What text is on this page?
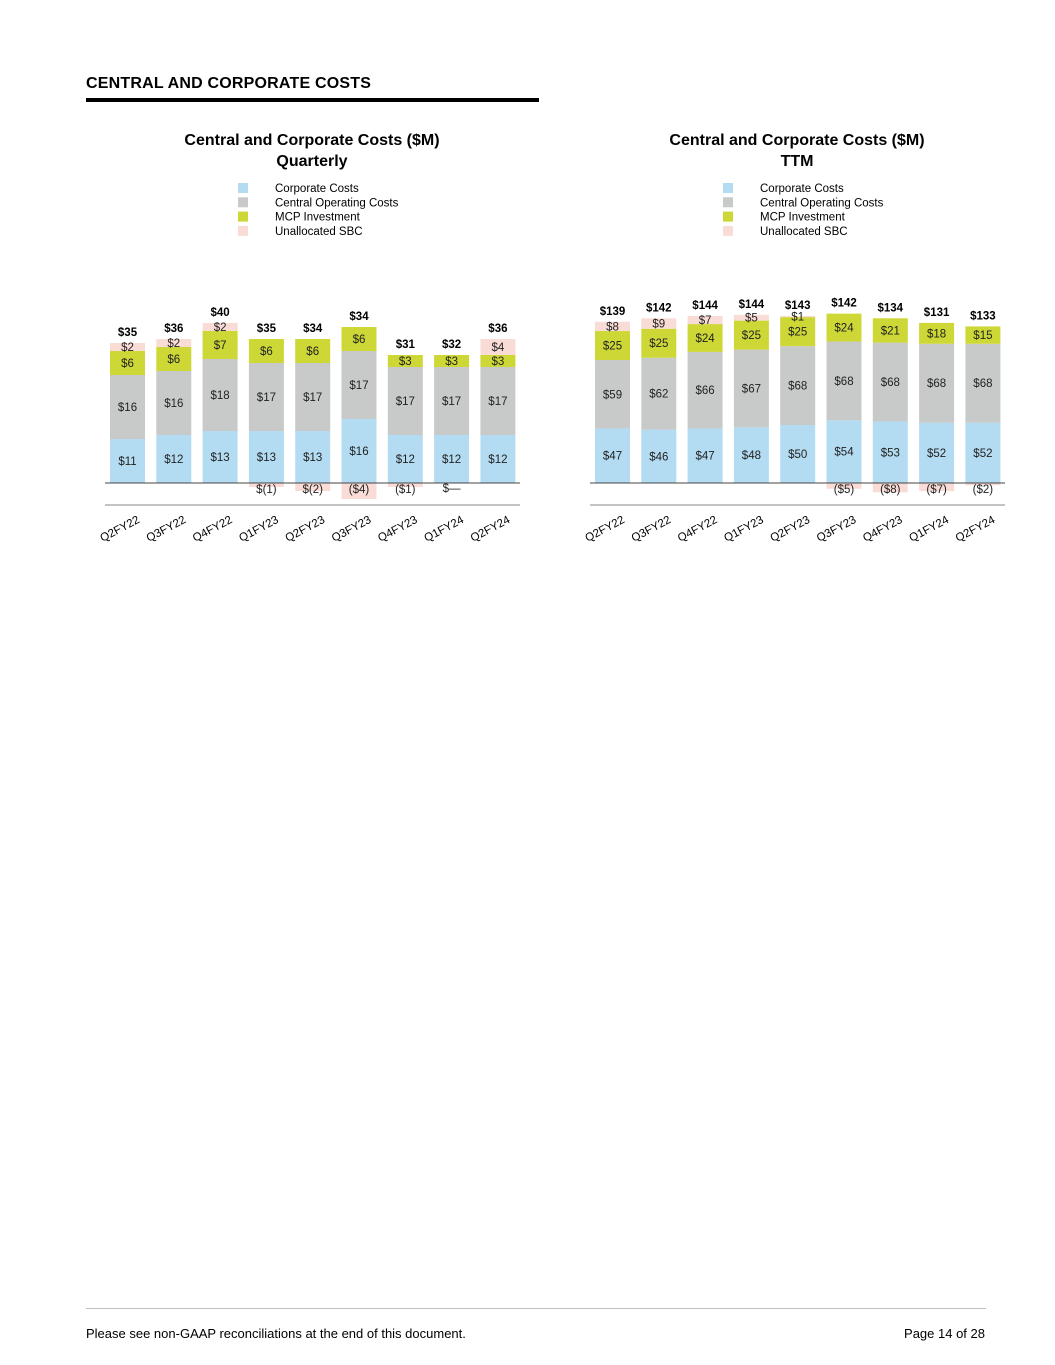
CENTRAL AND CORPORATE COSTS
Central and Corporate Costs ($M)
Quarterly
Corporate Costs
Central Operating Costs
MCP Investment
Unallocated SBC
$11
$16
$6
$2
$35
Q2FY22
$12
$16
$6
$2
$36
Q3FY22
$13
$18
$7
$2
$40
Q4FY22
$13
$17
$6
$(1)
$35
Q1FY23
$13
$17
$6
$(2)
$34
Q2FY23
$16
$17
$6
($4)
$34
Q3FY23
$12
$17
$3
($1)
$31
Q4FY23
$12
$17
$3
$—
$32
Q1FY24
$12
$17
$3
$4
$36
Q2FY24
Central and Corporate Costs ($M)
TTM
Corporate Costs
Central Operating Costs
MCP Investment
Unallocated SBC
$47
$59
$25
$8
$139
Q2FY22
$46
$62
$25
$9
$142
Q3FY22
$47
$66
$24
$7
$144
Q4FY22
$48
$67
$25
$5
$144
Q1FY23
$50
$68
$25
$1
$143
Q2FY23
$54
$68
$24
($5)
$142
Q3FY23
$53
$68
$21
($8)
$134
Q4FY23
$52
$68
$18
($7)
$131
Q1FY24
$52
$68
$15
($2)
$133
Q2FY24
Please see non-GAAP reconciliations at the end of this document.	Page 14 of 28
